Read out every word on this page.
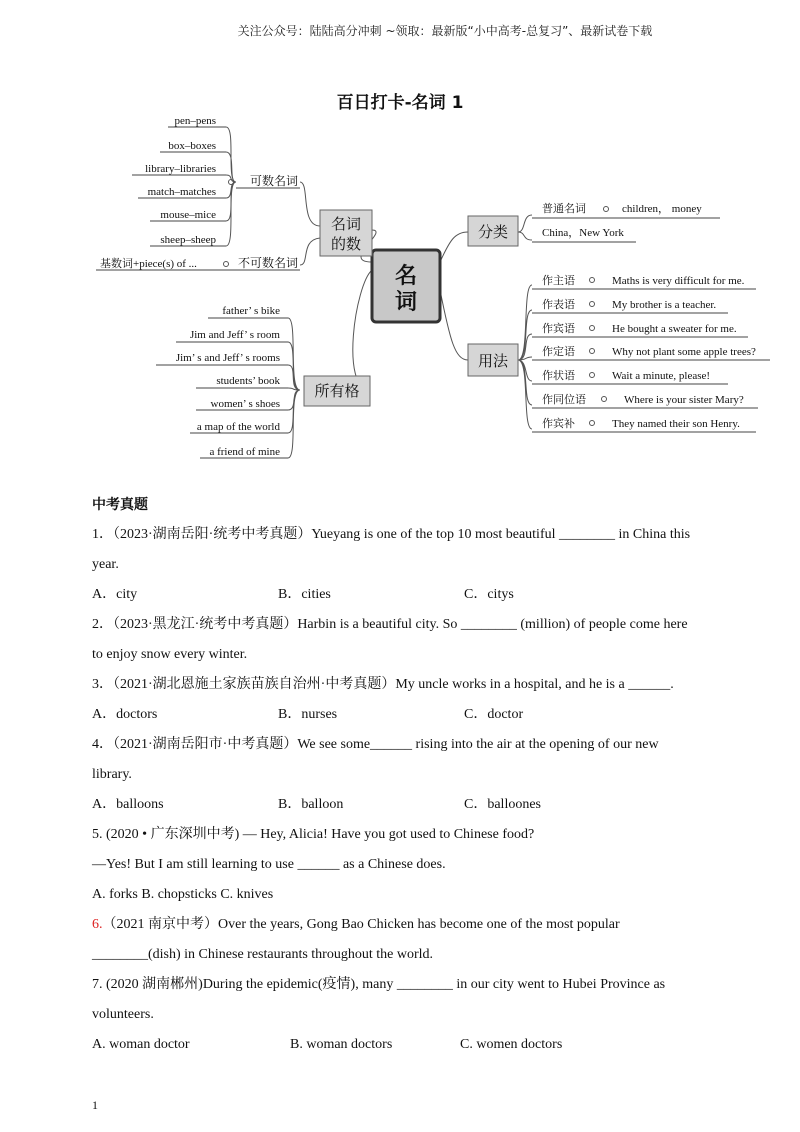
关注公众号：陆陆高分冲刺 ~领取：最新版“小中高考-总复习”、最新试卷下载
百日打卡-名词 1
名
词
名词
的数
分类
所有格
用法
可数名词
pen–pens
box–boxes
library–libraries
match–matches
mouse–mice
sheep–sheep
不可数名词
基数词+piece(s) of ...
普通名词	children， money
China，New York
father’ s bike
Jim and Jeff’ s room
Jim’ s and Jeff’ s rooms
students’ book
women’ s shoes
a map of the world
a friend of mine
作主语	Maths is very difficult for me.
作表语	My brother is a teacher.
作宾语	He bought a sweater for me.
作定语	Why not plant some apple trees?
作状语	Wait a minute, please!
作同位语	Where is your sister Mary?
作宾补	They named their son Henry.
中考真题
1．（2023·湖南岳阳·统考中考真题）Yueyang is one of the top 10 most beautiful ________ in China this
year.
A．city	B．cities	C．citys
2．（2023·黑龙江·统考中考真题）Harbin is a beautiful city. So ________ (million) of people come here
to enjoy snow every winter.
3．（2021·湖北恩施土家族苗族自治州·中考真题）My uncle works in a hospital, and he is a ______.
A．doctors	B．nurses	C．doctor
4．（2021·湖南岳阳市·中考真题）We see some______ rising into the air at the opening of our new
library.
A．balloons	B．balloon	C．balloones
5. (2020 • 广东深圳中考) — Hey, Alicia! Have you got used to Chinese food?
—Yes! But I am still learning to use ______ as a Chinese does.
A. forks B. chopsticks C. knives
6.（2021 南京中考）Over the years, Gong Bao Chicken has become one of the most popular
________(dish) in Chinese restaurants throughout the world.
7. (2020 湖南郴州)During the epidemic(疫情), many ________ in our city went to Hubei Province as
volunteers.
A. woman doctor	B. woman doctors	C. women doctors
1
